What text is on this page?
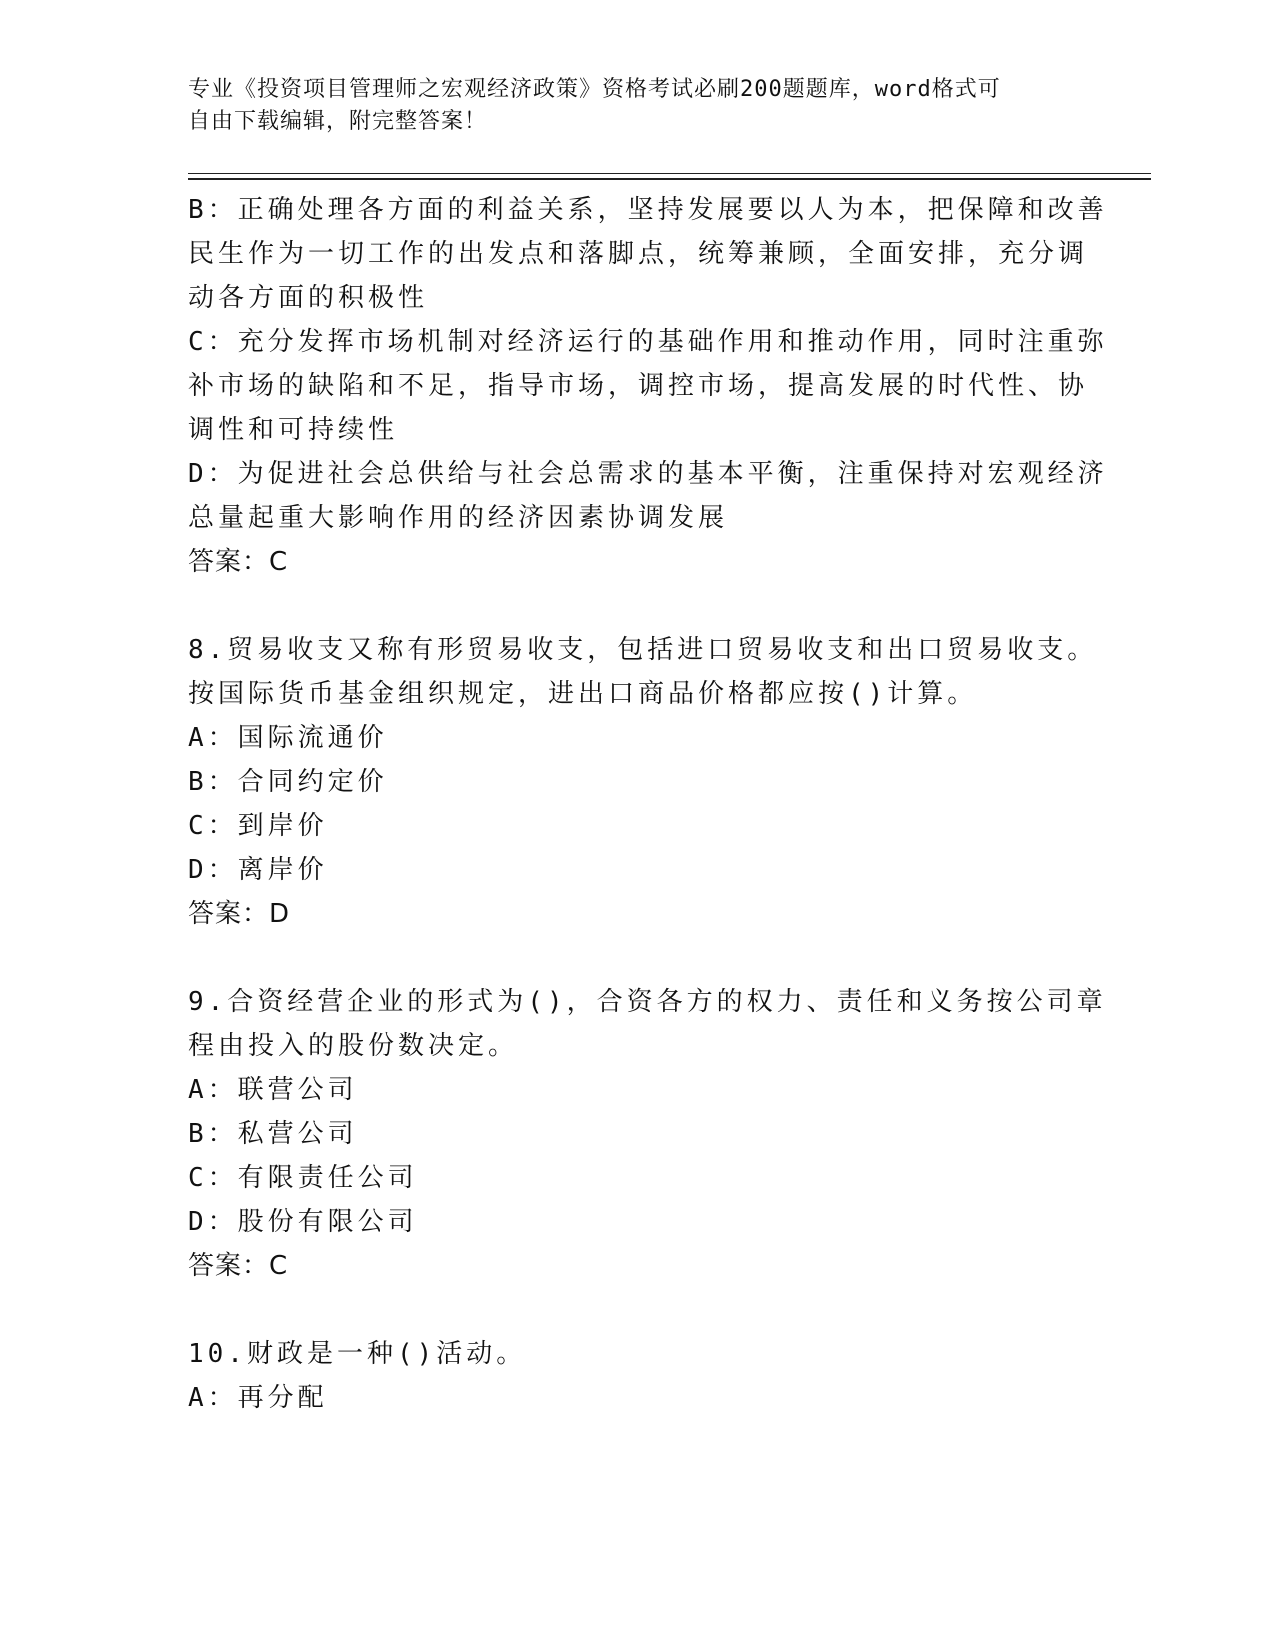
专业《投资项目管理师之宏观经济政策》资格考试必刷200题题库，word格式可
自由下载编辑，附完整答案！
B：正确处理各方面的利益关系，坚持发展要以人为本，把保障和改善
民生作为一切工作的出发点和落脚点，统筹兼顾，全面安排，充分调
动各方面的积极性
C：充分发挥市场机制对经济运行的基础作用和推动作用，同时注重弥
补市场的缺陷和不足，指导市场，调控市场，提高发展的时代性、协
调性和可持续性
D：为促进社会总供给与社会总需求的基本平衡，注重保持对宏观经济
总量起重大影响作用的经济因素协调发展
答案：C
8.贸易收支又称有形贸易收支，包括进口贸易收支和出口贸易收支。
按国际货币基金组织规定，进出口商品价格都应按()计算。
A：国际流通价
B：合同约定价
C：到岸价
D：离岸价
答案：D
9.合资经营企业的形式为()，合资各方的权力、责任和义务按公司章
程由投入的股份数决定。
A：联营公司
B：私营公司
C：有限责任公司
D：股份有限公司
答案：C
10.财政是一种()活动。
A：再分配
